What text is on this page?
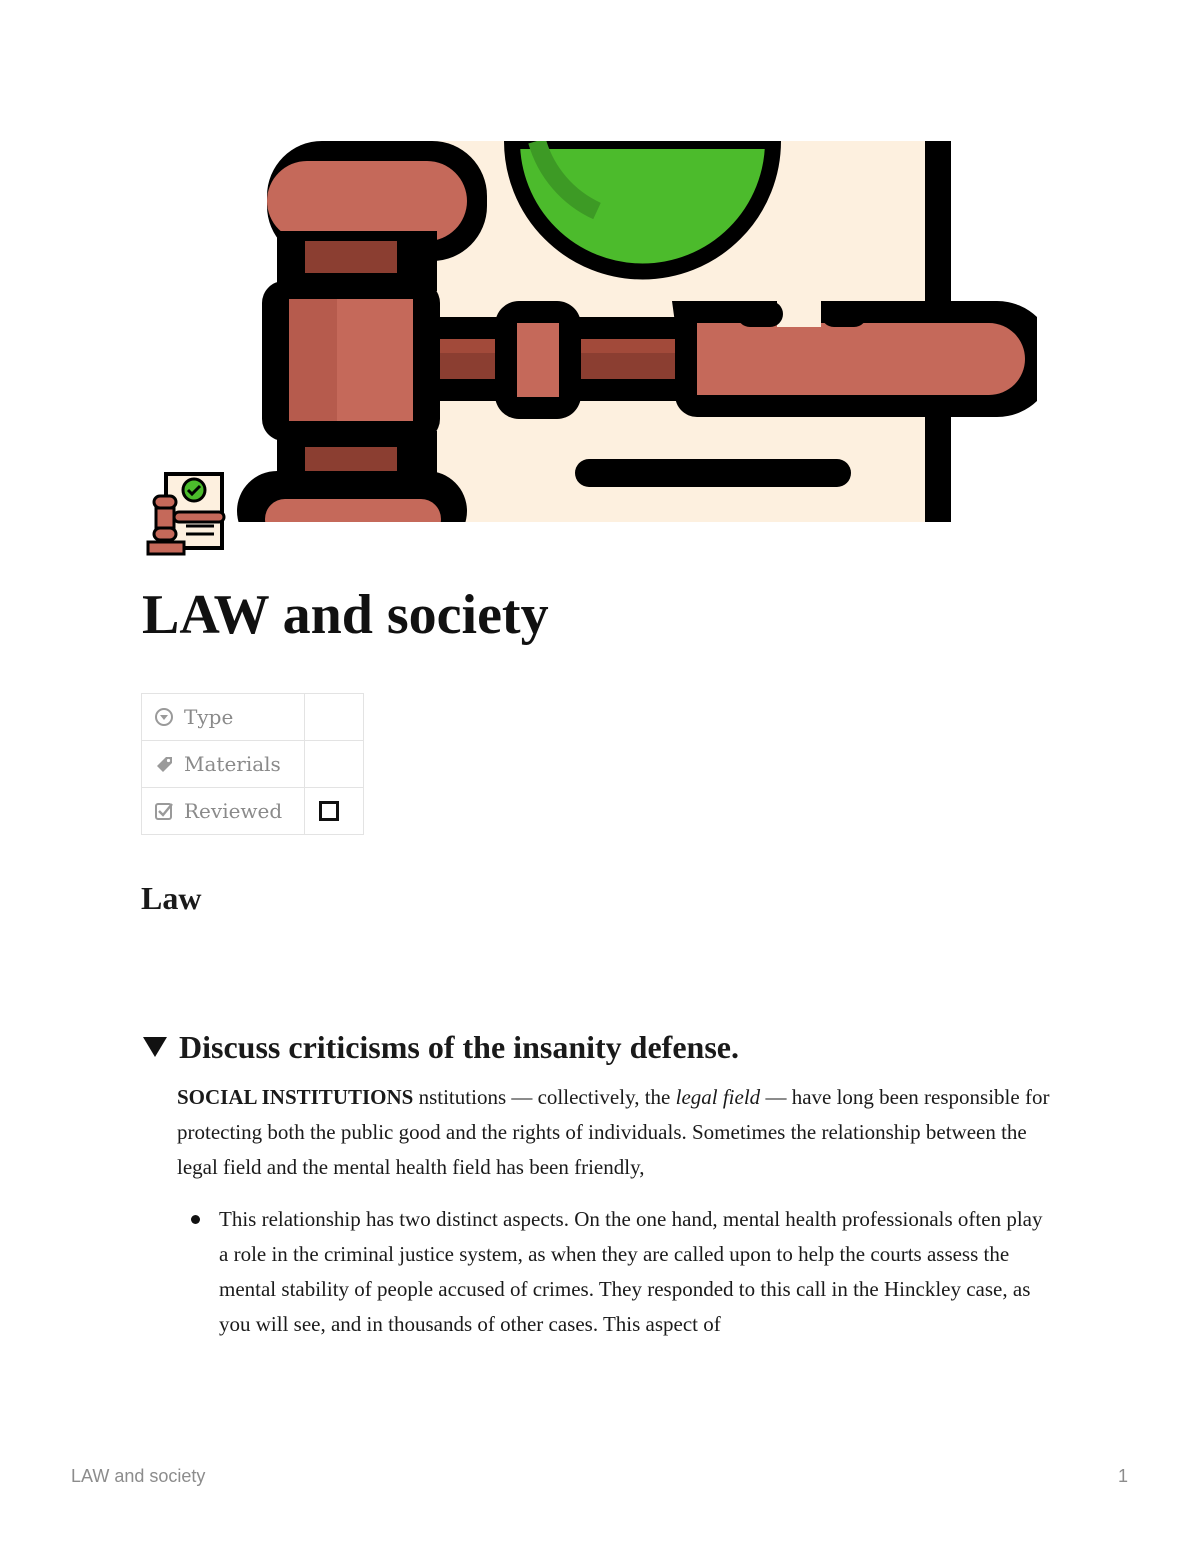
LAW and society
Type	
Materials	
Reviewed	
Law
Discuss criticisms of the insanity defense.

SOCIAL INSTITUTIONS nstitutions — collectively, the legal field — have long been responsible for protecting both the public good and the rights of individuals. Sometimes the relationship between the legal field and the mental health field has been friendly,

This relationship has two distinct aspects. On the one hand, mental health professionals often play a role in the criminal justice system, as when they are called upon to help the courts assess the mental stability of people accused of crimes. They responded to this call in the Hinckley case, as you will see, and in thousands of other cases. This aspect of
LAW and society	1
